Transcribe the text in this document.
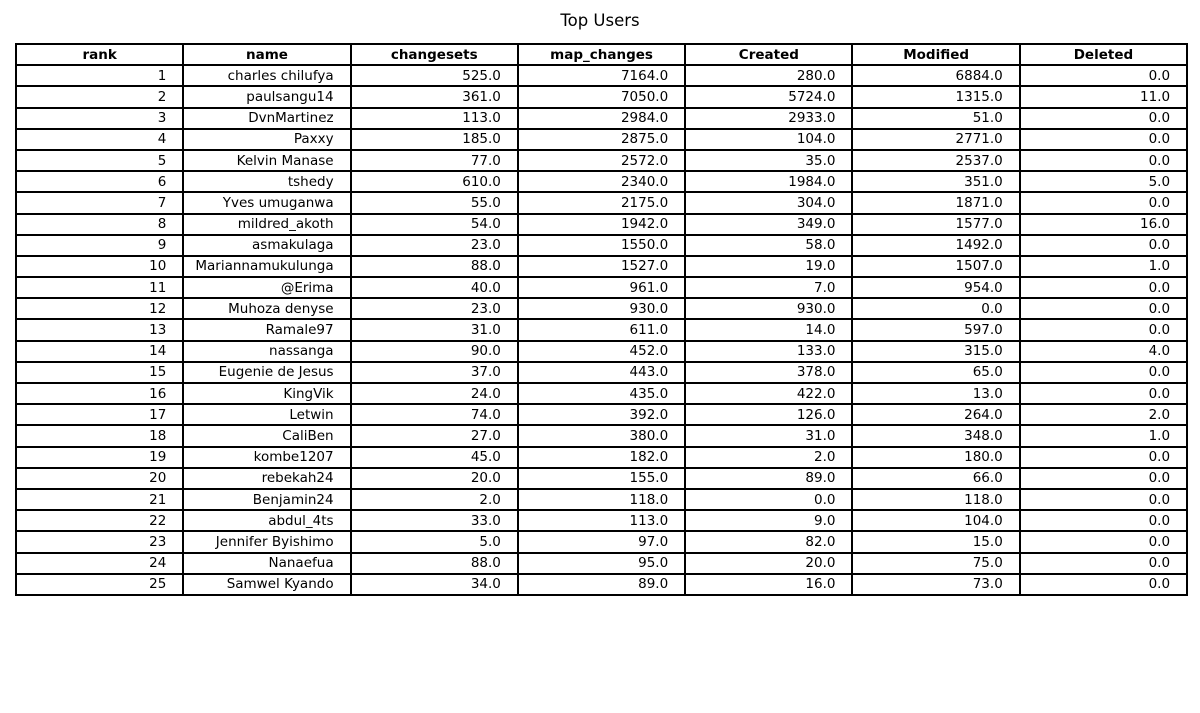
Top Users
rank	name	changesets	map_changes	Created	Modified	Deleted
1	charles chilufya	525.0	7164.0	280.0	6884.0	0.0
2	paulsangu14	361.0	7050.0	5724.0	1315.0	11.0
3	DvnMartinez	113.0	2984.0	2933.0	51.0	0.0
4	Paxxy	185.0	2875.0	104.0	2771.0	0.0
5	Kelvin Manase	77.0	2572.0	35.0	2537.0	0.0
6	tshedy	610.0	2340.0	1984.0	351.0	5.0
7	Yves umuganwa	55.0	2175.0	304.0	1871.0	0.0
8	mildred_akoth	54.0	1942.0	349.0	1577.0	16.0
9	asmakulaga	23.0	1550.0	58.0	1492.0	0.0
10	Mariannamukulunga	88.0	1527.0	19.0	1507.0	1.0
11	@Erima	40.0	961.0	7.0	954.0	0.0
12	Muhoza denyse	23.0	930.0	930.0	0.0	0.0
13	Ramale97	31.0	611.0	14.0	597.0	0.0
14	nassanga	90.0	452.0	133.0	315.0	4.0
15	Eugenie de Jesus	37.0	443.0	378.0	65.0	0.0
16	KingVik	24.0	435.0	422.0	13.0	0.0
17	Letwin	74.0	392.0	126.0	264.0	2.0
18	CaliBen	27.0	380.0	31.0	348.0	1.0
19	kombe1207	45.0	182.0	2.0	180.0	0.0
20	rebekah24	20.0	155.0	89.0	66.0	0.0
21	Benjamin24	2.0	118.0	0.0	118.0	0.0
22	abdul_4ts	33.0	113.0	9.0	104.0	0.0
23	Jennifer Byishimo	5.0	97.0	82.0	15.0	0.0
24	Nanaefua	88.0	95.0	20.0	75.0	0.0
25	Samwel Kyando	34.0	89.0	16.0	73.0	0.0
